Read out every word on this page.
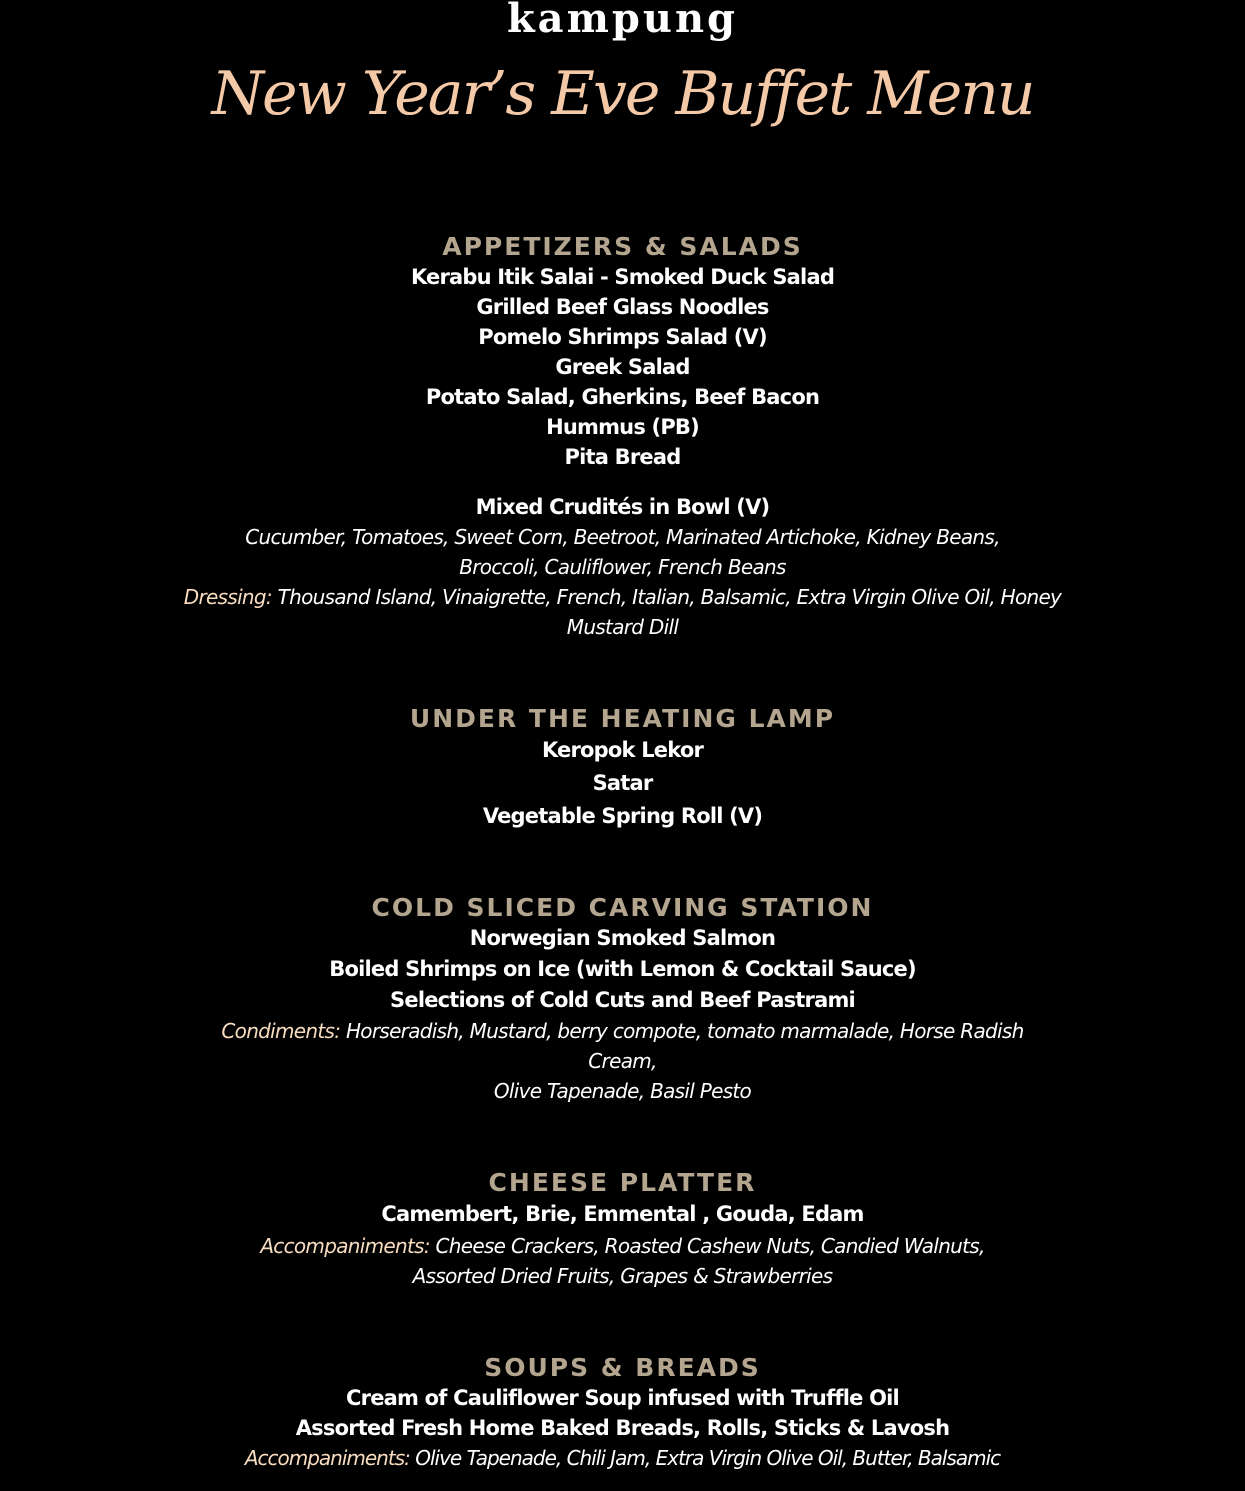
kampung
New Year’s Eve Buffet Menu
APPETIZERS & SALADS
Kerabu Itik Salai - Smoked Duck Salad
Grilled Beef Glass Noodles
Pomelo Shrimps Salad (V)
Greek Salad
Potato Salad, Gherkins, Beef Bacon
Hummus (PB)
Pita Bread
Mixed Crudités in Bowl (V)
Cucumber, Tomatoes, Sweet Corn, Beetroot, Marinated Artichoke, Kidney Beans,
Broccoli, Cauliflower, French Beans
Dressing: Thousand Island, Vinaigrette, French, Italian, Balsamic, Extra Virgin Olive Oil, Honey Mustard Dill
UNDER THE HEATING LAMP
Keropok Lekor
Satar
Vegetable Spring Roll (V)
COLD SLICED CARVING STATION
Norwegian Smoked Salmon
Boiled Shrimps on Ice (with Lemon & Cocktail Sauce)
Selections of Cold Cuts and Beef Pastrami
Condiments: Horseradish, Mustard, berry compote, tomato marmalade, Horse Radish Cream,
Olive Tapenade, Basil Pesto
CHEESE PLATTER
Camembert, Brie, Emmental , Gouda, Edam
Accompaniments: Cheese Crackers, Roasted Cashew Nuts, Candied Walnuts,
Assorted Dried Fruits, Grapes & Strawberries
SOUPS & BREADS
Cream of Cauliflower Soup infused with Truffle Oil
Assorted Fresh Home Baked Breads, Rolls, Sticks & Lavosh
Accompaniments: Olive Tapenade, Chili Jam, Extra Virgin Olive Oil, Butter, Balsamic
